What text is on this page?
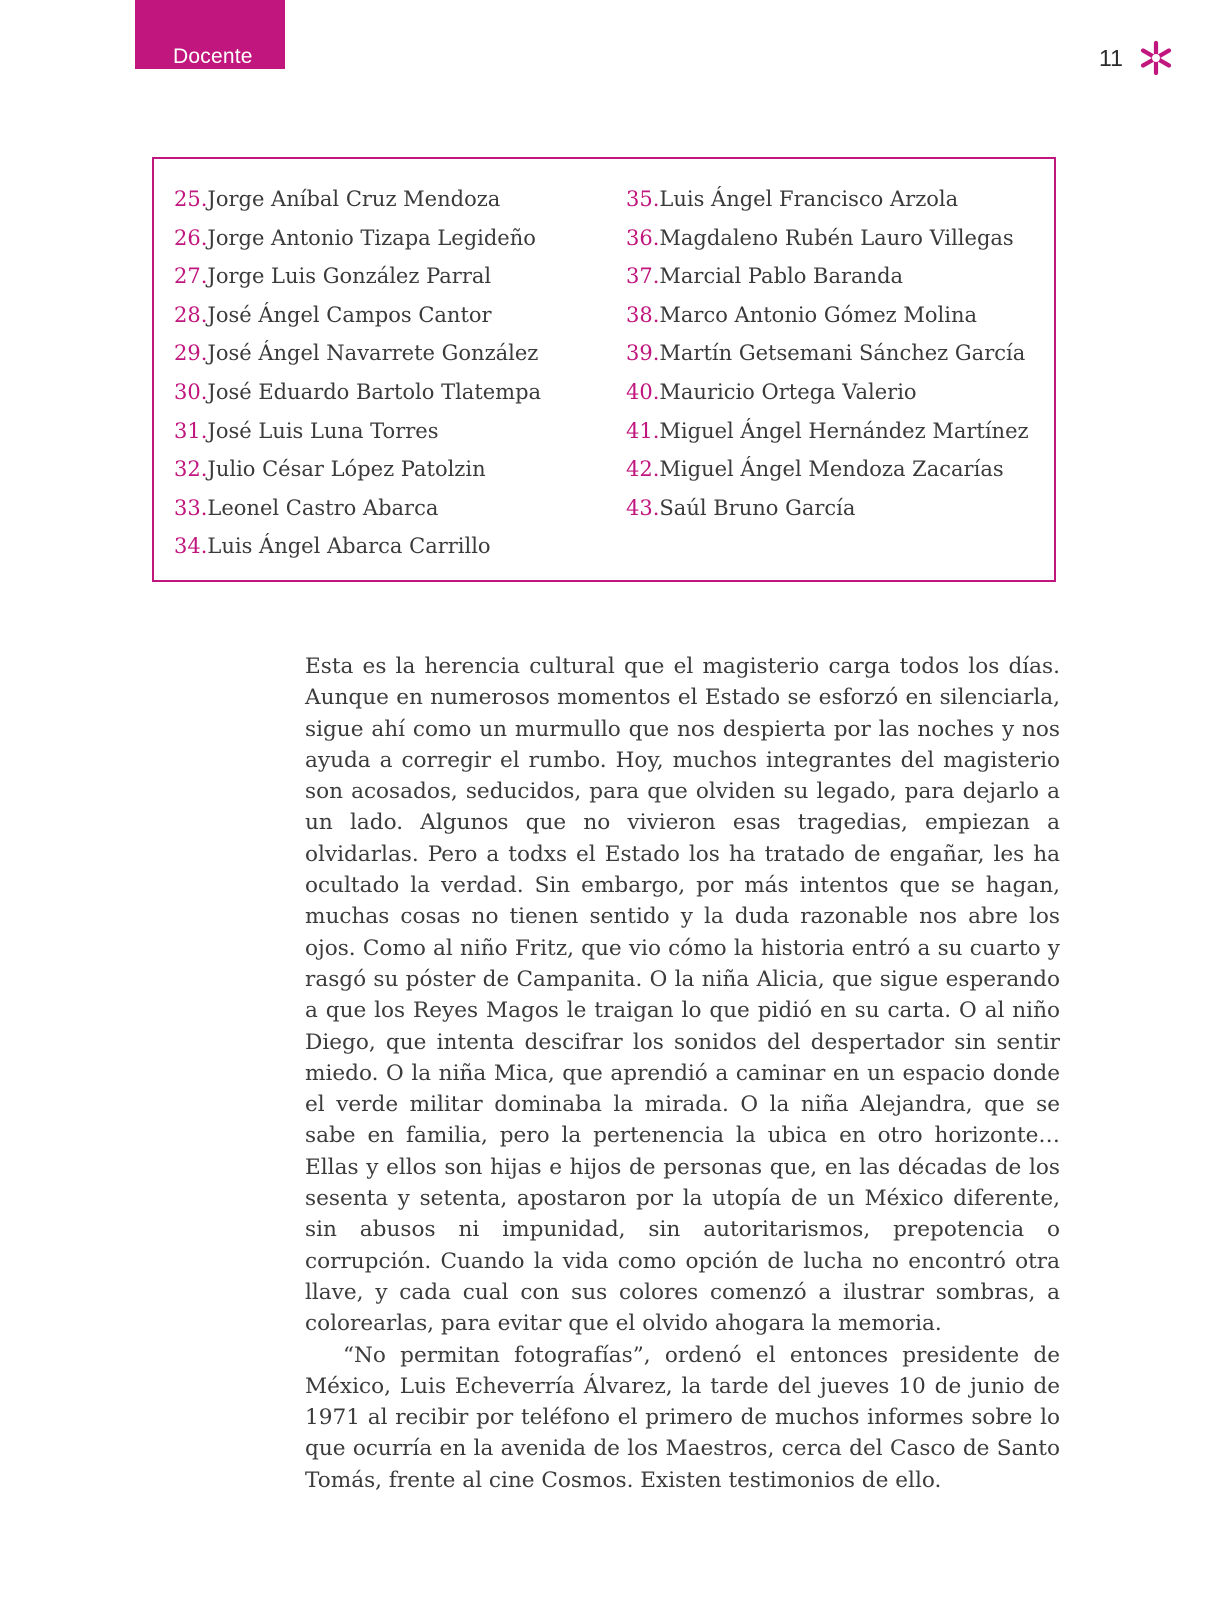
Docente	11
25.Jorge Aníbal Cruz Mendoza
26.Jorge Antonio Tizapa Legideño
27.Jorge Luis González Parral
28.José Ángel Campos Cantor
29.José Ángel Navarrete González
30.José Eduardo Bartolo Tlatempa
31.José Luis Luna Torres
32.Julio César López Patolzin
33.Leonel Castro Abarca
34.Luis Ángel Abarca Carrillo
35.Luis Ángel Francisco Arzola
36.Magdaleno Rubén Lauro Villegas
37.Marcial Pablo Baranda
38.Marco Antonio Gómez Molina
39.Martín Getsemani Sánchez García
40.Mauricio Ortega Valerio
41.Miguel Ángel Hernández Martínez
42.Miguel Ángel Mendoza Zacarías
43.Saúl Bruno García

Esta es la herencia cultural que el magisterio carga todos los días. Aunque en numerosos momentos el Estado se esforzó en silenciarla, sigue ahí como un murmullo que nos despierta por las noches y nos ayuda a corregir el rumbo. Hoy, muchos integrantes del magisterio son acosados, seducidos, para que olviden su legado, para dejarlo a un lado. Algunos que no vivieron esas tragedias, empiezan a olvidarlas. Pero a todxs el Estado los ha tratado de engañar, les ha ocultado la verdad. Sin embargo, por más intentos que se hagan, muchas cosas no tienen sentido y la duda razonable nos abre los ojos. Como al niño Fritz, que vio cómo la historia entró a su cuarto y rasgó su póster de Campanita. O la niña Alicia, que sigue esperando a que los Reyes Magos le traigan lo que pidió en su carta. O al niño Diego, que intenta descifrar los sonidos del despertador sin sentir miedo. O la niña Mica, que aprendió a caminar en un espacio donde el verde militar dominaba la mirada. O la niña Alejandra, que se sabe en familia, pero la pertenencia la ubica en otro horizonte… Ellas y ellos son hijas e hijos de personas que, en las décadas de los sesenta y setenta, apostaron por la utopía de un México diferente, sin abusos ni impunidad, sin autoritarismos, prepotencia o corrupción. Cuando la vida como opción de lucha no encontró otra llave, y cada cual con sus colores comenzó a ilustrar sombras, a colorearlas, para evitar que el olvido ahogara la memoria.

“No permitan fotografías”, ordenó el entonces presidente de México, Luis Echeverría Álvarez, la tarde del jueves 10 de junio de 1971 al recibir por teléfono el primero de muchos informes sobre lo que ocurría en la avenida de los Maestros, cerca del Casco de Santo Tomás, frente al cine Cosmos. Existen testimonios de ello.
